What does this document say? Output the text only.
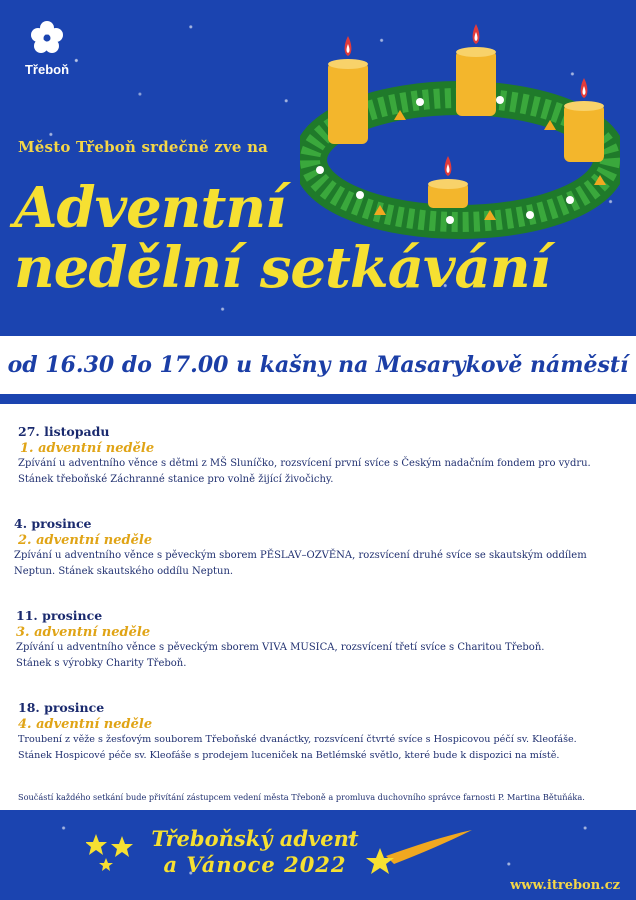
Třeboň
Město Třeboň srdečně zve na
Adventní
nedělní setkávání
od 16.30 do 17.00 u kašny na Masarykově náměstí
27. listopadu
1. adventní neděle
Zpívání u adventního věnce s dětmi z MŠ Sluníčko, rozsvícení první svíce s Českým nadačním fondem pro vydru.
Stánek třeboňské Záchranné stanice pro volně žijící živočichy.
4. prosince
2. adventní neděle
Zpívání u adventního věnce s pěveckým sborem PĚSLAV–OZVĚNA, rozsvícení druhé svíce se skautským oddílem
Neptun. Stánek skautského oddílu Neptun.
11. prosince
3. adventní neděle
Zpívání u adventního věnce s pěveckým sborem VIVA MUSICA, rozsvícení třetí svíce s Charitou Třeboň.
Stánek s výrobky Charity Třeboň.
18. prosince
4. adventní neděle
Troubení z věže s žesťovým souborem Třeboňské dvanáctky, rozsvícení čtvrté svíce s Hospicovou péčí sv. Kleofáše.
Stánek Hospicové péče sv. Kleofáše s prodejem luceniček na Betlémské světlo, které bude k dispozici na místě.
Součástí každého setkání bude přivítání zástupcem vedení města Třeboně a promluva duchovního správce farnosti P. Martina Bětuňáka.
Třeboňský advent
a Vánoce 2022
www.itrebon.cz
